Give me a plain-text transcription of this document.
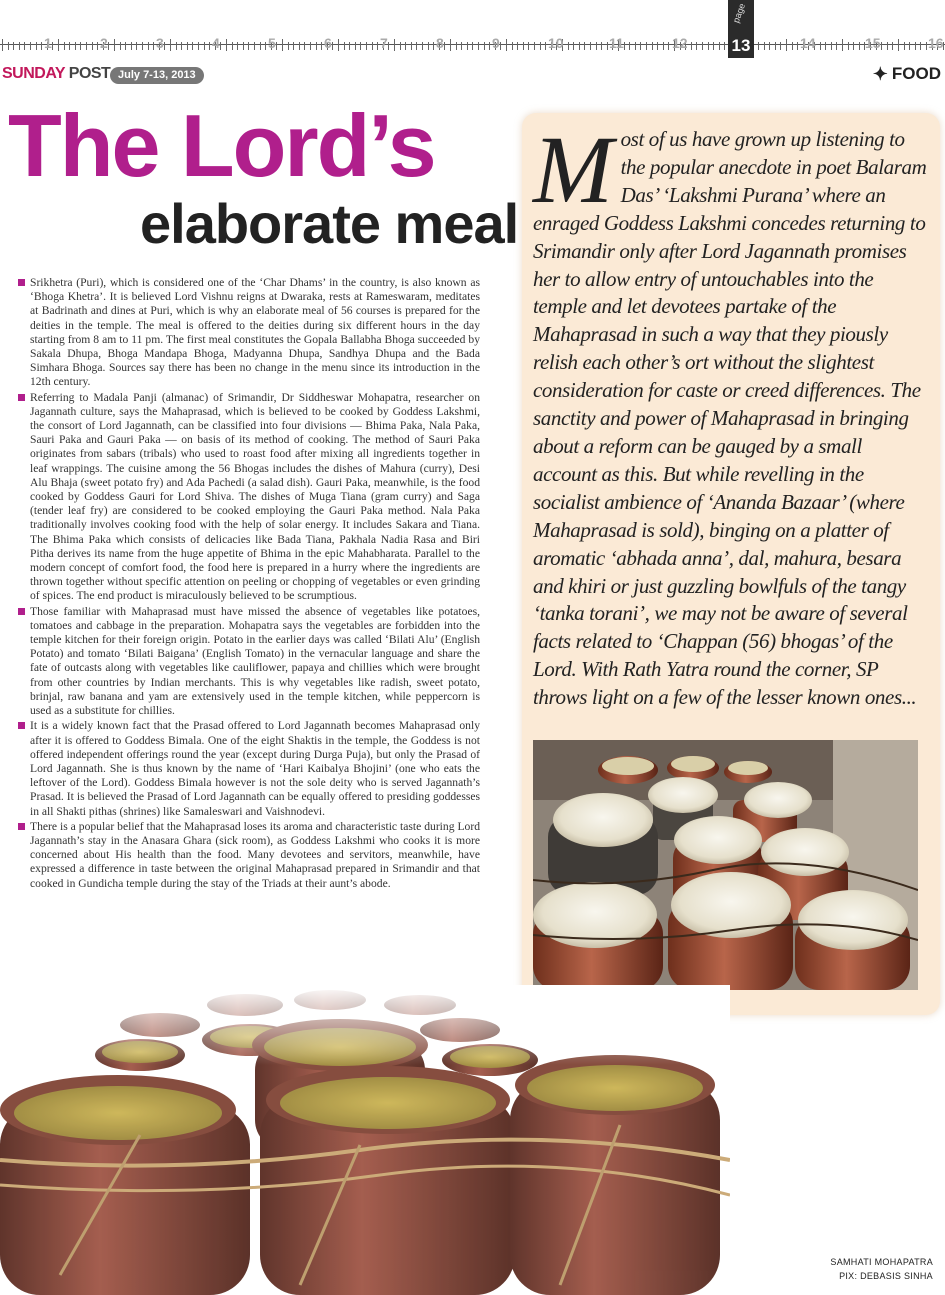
1	2	3	4	5	6	7	8	9	10	11	12	14	15	16
page
13
SUNDAY POST July 7-13, 2013	✦ FOOD
The Lord’s
elaborate meal

Srikhetra (Puri), which is considered one of the ‘Char Dhams’ in the country, is also known as ‘Bhoga Khetra’. It is believed Lord Vishnu reigns at Dwaraka, rests at Rameswaram, meditates at Badrinath and dines at Puri, which is why an elaborate meal of 56 courses is prepared for the deities in the temple. The meal is offered to the deities during six different hours in the day starting from 8 am to 11 pm. The first meal constitutes the Gopala Ballabha Bhoga succeeded by Sakala Dhupa, Bhoga Mandapa Bhoga, Madyanna Dhupa, Sandhya Dhupa and the Bada Simhara Bhoga. Sources say there has been no change in the menu since its introduction in the 12th century.

Referring to Madala Panji (almanac) of Srimandir, Dr Siddheswar Mohapatra, researcher on Jagannath culture, says the Mahaprasad, which is believed to be cooked by Goddess Lakshmi, the consort of Lord Jagannath, can be classified into four divisions — Bhima Paka, Nala Paka, Sauri Paka and Gauri Paka — on basis of its method of cooking. The method of Sauri Paka originates from sabars (tribals) who used to roast food after mixing all ingredients together in leaf wrappings. The cuisine among the 56 Bhogas includes the dishes of Mahura (curry), Desi Alu Bhaja (sweet potato fry) and Ada Pachedi (a salad dish). Gauri Paka, meanwhile, is the food cooked by Goddess Gauri for Lord Shiva. The dishes of Muga Tiana (gram curry) and Saga (tender leaf fry) are considered to be cooked employing the Gauri Paka method. Nala Paka traditionally involves cooking food with the help of solar energy. It includes Sakara and Tiana. The Bhima Paka which consists of delicacies like Bada Tiana, Pakhala Nadia Rasa and Biri Pitha derives its name from the huge appetite of Bhima in the epic Mahabharata. Parallel to the modern concept of comfort food, the food here is prepared in a hurry where the ingredients are thrown together without specific attention on peeling or chopping of vegetables or even grinding of spices. The end product is miraculously believed to be scrumptious.

Those familiar with Mahaprasad must have missed the absence of vegetables like potatoes, tomatoes and cabbage in the preparation. Mohapatra says the vegetables are forbidden into the temple kitchen for their foreign origin. Potato in the earlier days was called ‘Bilati Alu’ (English Potato) and tomato ‘Bilati Baigana’ (English Tomato) in the vernacular language and share the fate of outcasts along with vegetables like cauliflower, papaya and chillies which were brought from other countries by Indian merchants. This is why vegetables like radish, sweet potato, brinjal, raw banana and yam are extensively used in the temple kitchen, while peppercorn is used as a substitute for chillies.

It is a widely known fact that the Prasad offered to Lord Jagannath becomes Mahaprasad only after it is offered to Goddess Bimala. One of the eight Shaktis in the temple, the Goddess is not offered independent offerings round the year (except during Durga Puja), but only the Prasad of Lord Jagannath. She is thus known by the name of ‘Hari Kaibalya Bhojini’ (one who eats the leftover of the Lord). Goddess Bimala however is not the sole deity who is served Jagannath’s Prasad. It is believed the Prasad of Lord Jagannath can be equally offered to presiding goddesses in all Shakti pithas (shrines) like Samaleswari and Vaishnodevi.

There is a popular belief that the Mahaprasad loses its aroma and characteristic taste during Lord Jagannath’s stay in the Anasara Ghara (sick room), as Goddess Lakshmi who cooks it is more concerned about His health than the food. Many devotees and servitors, meanwhile, have expressed a difference in taste between the original Mahaprasad prepared in Srimandir and that cooked in Gundicha temple during the stay of the Triads at their aunt’s abode.

Most of us have grown up listening to the popular anecdote in poet Balaram Das’ ‘Lakshmi Purana’ where an enraged Goddess Lakshmi concedes returning to Srimandir only after Lord Jagannath promises her to allow entry of untouchables into the temple and let devotees partake of the Mahaprasad in such a way that they piously relish each other’s ort without the slightest consideration for caste or creed differences. The sanctity and power of Mahaprasad in bringing about a reform can be gauged by a small account as this. But while revelling in the socialist ambience of ‘Ananda Bazaar’ (where Mahaprasad is sold), binging on a platter of aromatic ‘abhada anna’, dal, mahura, besara and khiri or just guzzling bowlfuls of the tangy ‘tanka torani’, we may not be aware of several facts related to ‘Chappan (56) bhogas’ of the Lord. With Rath Yatra round the corner, SP throws light on a few of the lesser known ones...
SAMHATI MOHAPATRA
PIX: DEBASIS SINHA
